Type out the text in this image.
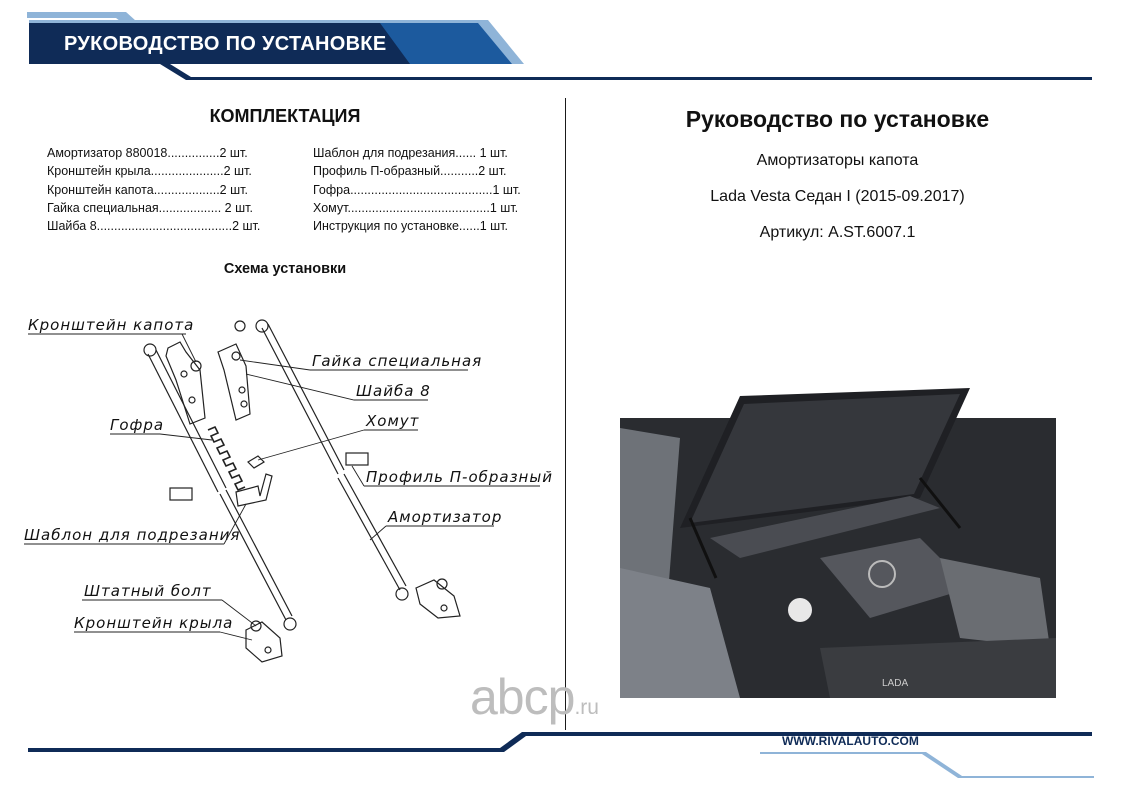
РУКОВОДСТВО ПО УСТАНОВКЕ
КОМПЛЕКТАЦИЯ
Амортизатор 880018...............2 шт.
Кронштейн крыла.....................2 шт.
Кронштейн капота...................2 шт.
Гайка специальная.................. 2 шт.
Шайба 8.......................................2 шт.
Шаблон для подрезания...... 1 шт.
Профиль П-образный...........2 шт.
Гофра.........................................1 шт.
Хомут.........................................1 шт.
Инструкция по установке......1 шт.
Схема установки
Кронштейн капота
Гайка специальная
Шайба 8
Гофра	Хомут
Профиль П-образный
Амортизатор
Шаблон для подрезания
Штатный болт
Кронштейн крыла
Руководство по установке
Амортизаторы капота
Lada Vesta Седан I (2015-09.2017)
Артикул: A.ST.6007.1
LADA
abcp.ru
WWW.RIVALAUTO.COM
